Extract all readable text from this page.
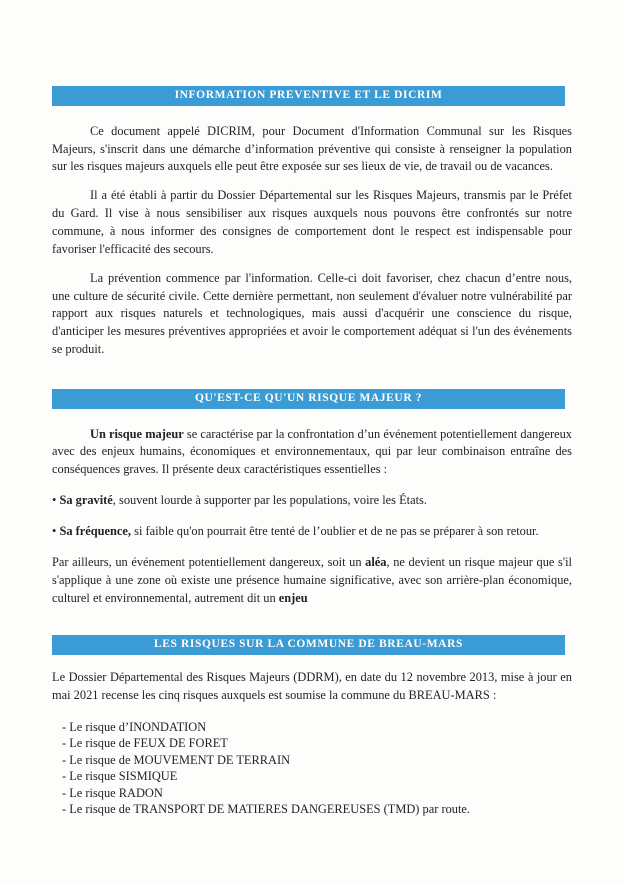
INFORMATION PREVENTIVE ET LE DICRIM

Ce document appelé DICRIM, pour Document d'Information Communal sur les Risques Majeurs, s'inscrit dans une démarche d’information préventive qui consiste à renseigner la population sur les risques majeurs auxquels elle peut être exposée sur ses lieux de vie, de travail ou de vacances.

Il a été établi à partir du Dossier Départemental sur les Risques Majeurs, transmis par le Préfet du Gard. Il vise à nous sensibiliser aux risques auxquels nous pouvons être confrontés sur notre commune, à nous informer des consignes de comportement dont le respect est indispensable pour favoriser l'efficacité des secours.

La prévention commence par l'information. Celle-ci doit favoriser, chez chacun d’entre nous, une culture de sécurité civile. Cette dernière permettant, non seulement d'évaluer notre vulnérabilité par rapport aux risques naturels et technologiques, mais aussi d'acquérir une conscience du risque, d'anticiper les mesures préventives appropriées et avoir le comportement adéquat si l'un des événements se produit.

QU'EST-CE QU'UN RISQUE MAJEUR ?

Un risque majeur se caractérise par la confrontation d’un événement potentiellement dangereux avec des enjeux humains, économiques et environnementaux, qui par leur combinaison entraîne des conséquences graves. Il présente deux caractéristiques essentielles :

• Sa gravité, souvent lourde à supporter par les populations, voire les États.

• Sa fréquence, si faible qu'on pourrait être tenté de l’oublier et de ne pas se préparer à son retour.

Par ailleurs, un événement potentiellement dangereux, soit un aléa, ne devient un risque majeur que s'il s'applique à une zone où existe une présence humaine significative, avec son arrière-plan économique, culturel et environnemental, autrement dit un enjeu

LES RISQUES SUR LA COMMUNE DE BREAU-MARS

Le Dossier Départemental des Risques Majeurs (DDRM), en date du 12 novembre 2013, mise à jour en mai 2021 recense les cinq risques auxquels est soumise la commune du BREAU-MARS :

- Le risque d’INONDATION

- Le risque de FEUX DE FORET

- Le risque de MOUVEMENT DE TERRAIN

- Le risque SISMIQUE

- Le risque RADON

- Le risque de TRANSPORT DE MATIERES DANGEREUSES (TMD) par route.
